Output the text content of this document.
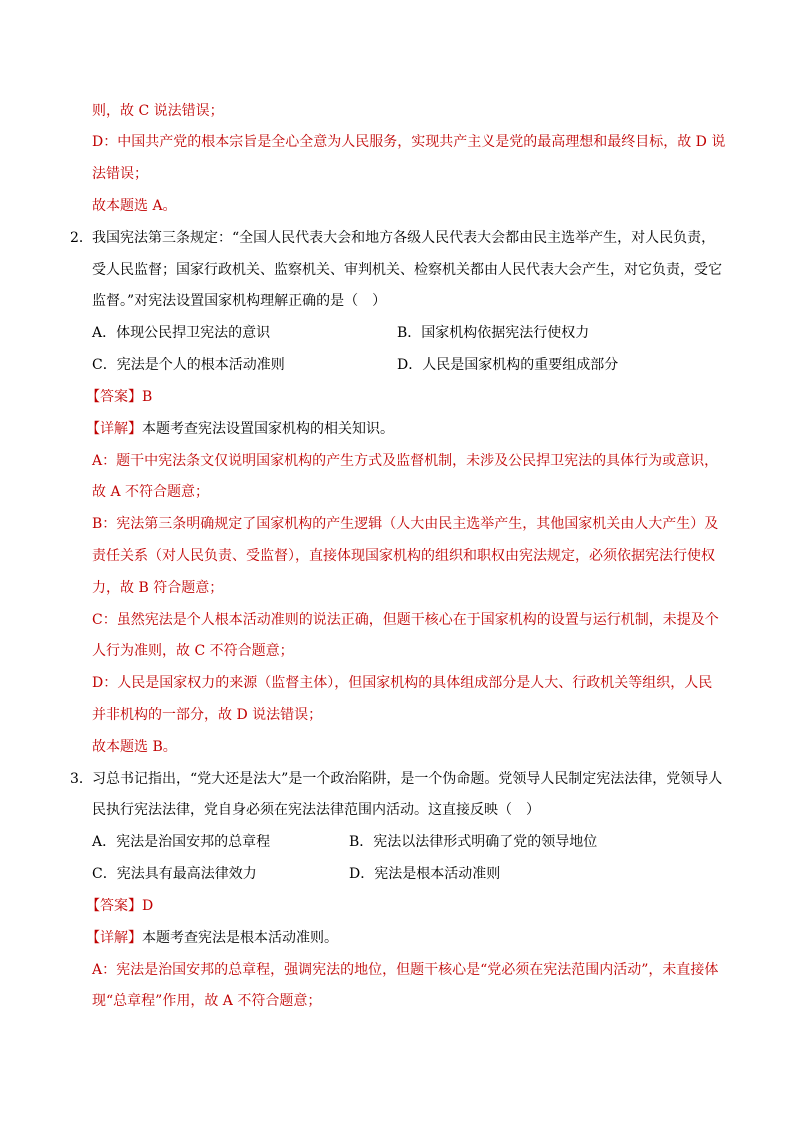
则，故 C 说法错误；
D：中国共产党的根本宗旨是全心全意为人民服务，实现共产主义是党的最高理想和最终目标，故 D 说
法错误；
故本题选 A。
2． 我国宪法第三条规定：“全国人民代表大会和地方各级人民代表大会都由民主选举产生，对人民负责，
受人民监督；国家行政机关、监察机关、审判机关、检察机关都由人民代表大会产生，对它负责，受它
监督。”对宪法设置国家机构理解正确的是（　）
A．体现公民捍卫宪法的意识	B．国家机构依据宪法行使权力
C．宪法是个人的根本活动准则	D．人民是国家机构的重要组成部分
【答案】B
【详解】本题考查宪法设置国家机构的相关知识。
A：题干中宪法条文仅说明国家机构的产生方式及监督机制，未涉及公民捍卫宪法的具体行为或意识，
故 A 不符合题意；
B：宪法第三条明确规定了国家机构的产生逻辑（人大由民主选举产生，其他国家机关由人大产生）及
责任关系（对人民负责、受监督），直接体现国家机构的组织和职权由宪法规定，必须依据宪法行使权
力，故 B 符合题意；
C：虽然宪法是个人根本活动准则的说法正确，但题干核心在于国家机构的设置与运行机制，未提及个
人行为准则，故 C 不符合题意；
D：人民是国家权力的来源（监督主体），但国家机构的具体组成部分是人大、行政机关等组织，人民
并非机构的一部分，故 D 说法错误；
故本题选 B。
3． 习总书记指出，“党大还是法大”是一个政治陷阱，是一个伪命题。党领导人民制定宪法法律，党领导人
民执行宪法法律，党自身必须在宪法法律范围内活动。这直接反映（　）
A．宪法是治国安邦的总章程	B．宪法以法律形式明确了党的领导地位
C．宪法具有最高法律效力	D．宪法是根本活动准则
【答案】D
【详解】本题考查宪法是根本活动准则。
A：宪法是治国安邦的总章程，强调宪法的地位，但题干核心是“党必须在宪法范围内活动”，未直接体
现“总章程”作用，故 A 不符合题意；
